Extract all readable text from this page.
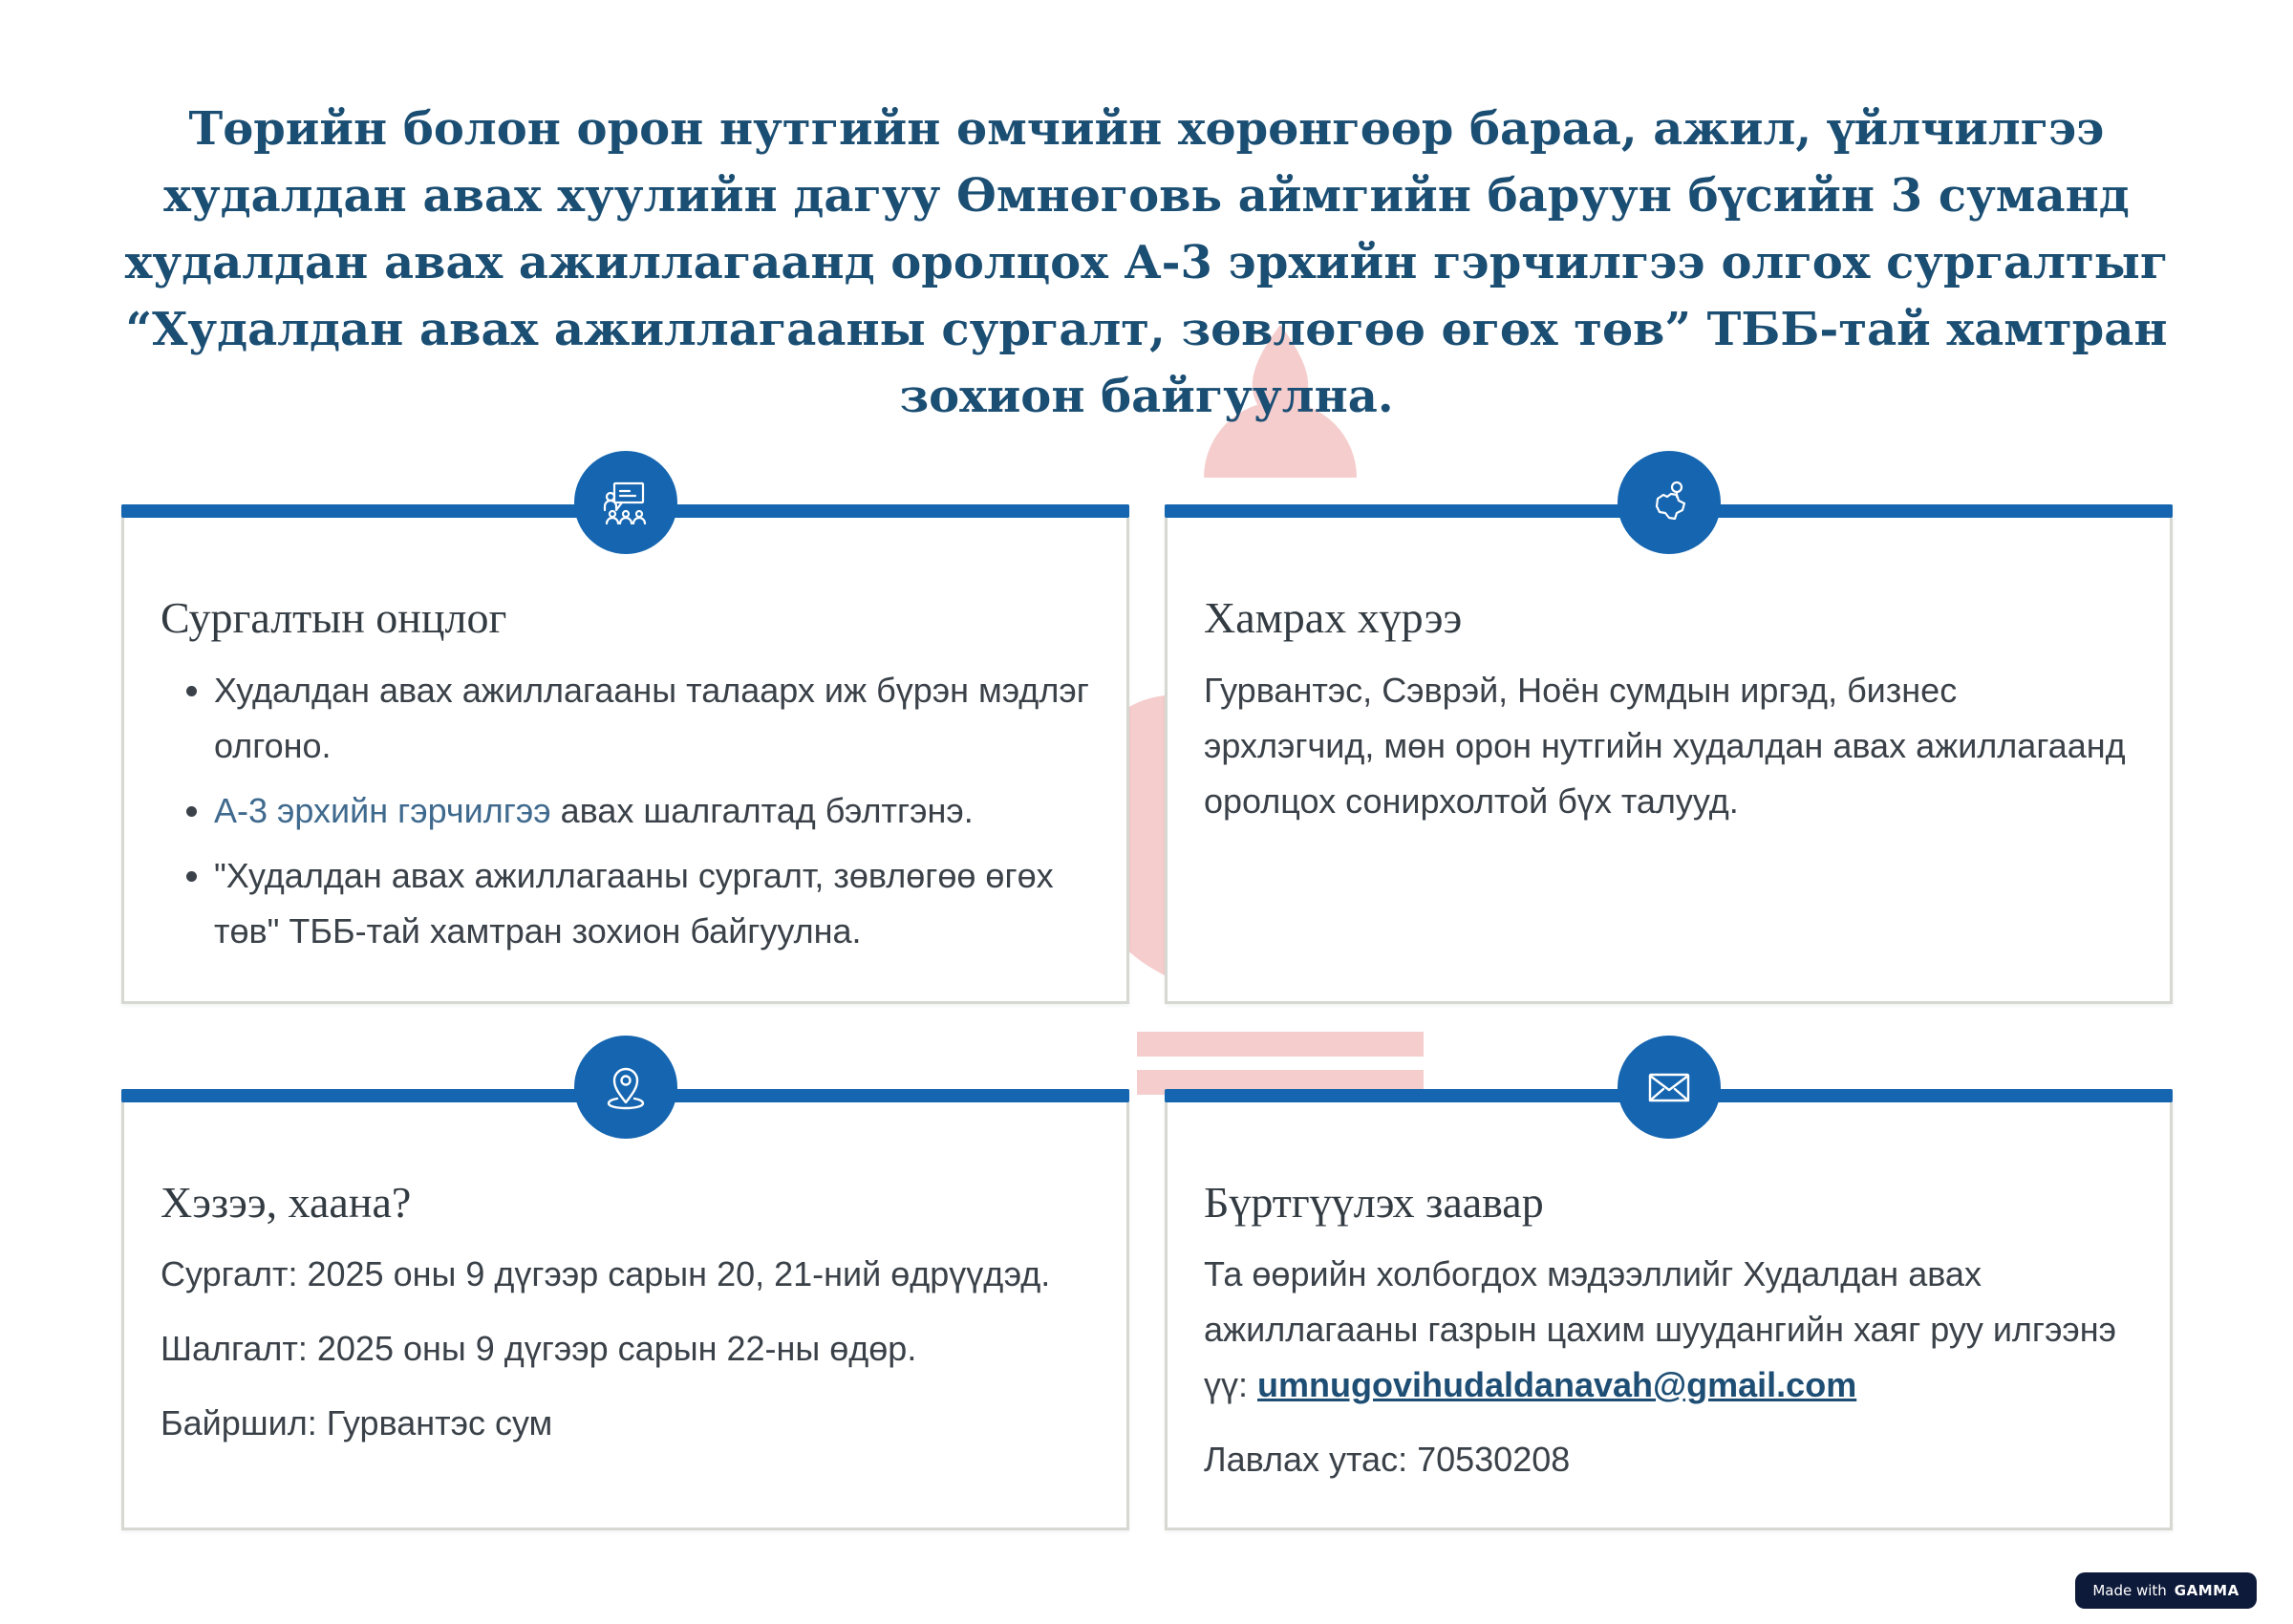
Төрийн болон орон нутгийн өмчийн хөрөнгөөр бараа, ажил, үйлчилгээ
худалдан авах хуулийн дагуу Өмнөговь аймгийн баруун бүсийн 3 суманд
худалдан авах ажиллагаанд оролцох А-3 эрхийн гэрчилгээ олгох сургалтыг
“Худалдан авах ажиллагааны сургалт, зөвлөгөө өгөх төв” ТББ-тай хамтран
зохион байгуулна.
Сургалтын онцлог
• Худалдан авах ажиллагааны талаарх иж бүрэн мэдлэг олгоно.
• А-3 эрхийн гэрчилгээ авах шалгалтад бэлтгэнэ.
• "Худалдан авах ажиллагааны сургалт, зөвлөгөө өгөх төв" ТББ-тай хамтран зохион байгуулна.
Хамрах хүрээ

Гурвантэс, Сэврэй, Ноён сумдын иргэд, бизнес эрхлэгчид, мөн орон нутгийн худалдан авах ажиллагаанд оролцох сонирхолтой бүх талууд.

Хэзээ, хаана?

Сургалт: 2025 оны 9 дүгээр сарын 20, 21-ний өдрүүдэд.

Шалгалт: 2025 оны 9 дүгээр сарын 22-ны өдөр.

Байршил: Гурвантэс сум

Бүртгүүлэх заавар

Та өөрийн холбогдох мэдээллийг Худалдан авах ажиллагааны газрын цахим шуудангийн хаяг руу илгээнэ үү: umnugovihudaldanavah@gmail.com

Лавлах утас: 70530208

Made with GAMMA
